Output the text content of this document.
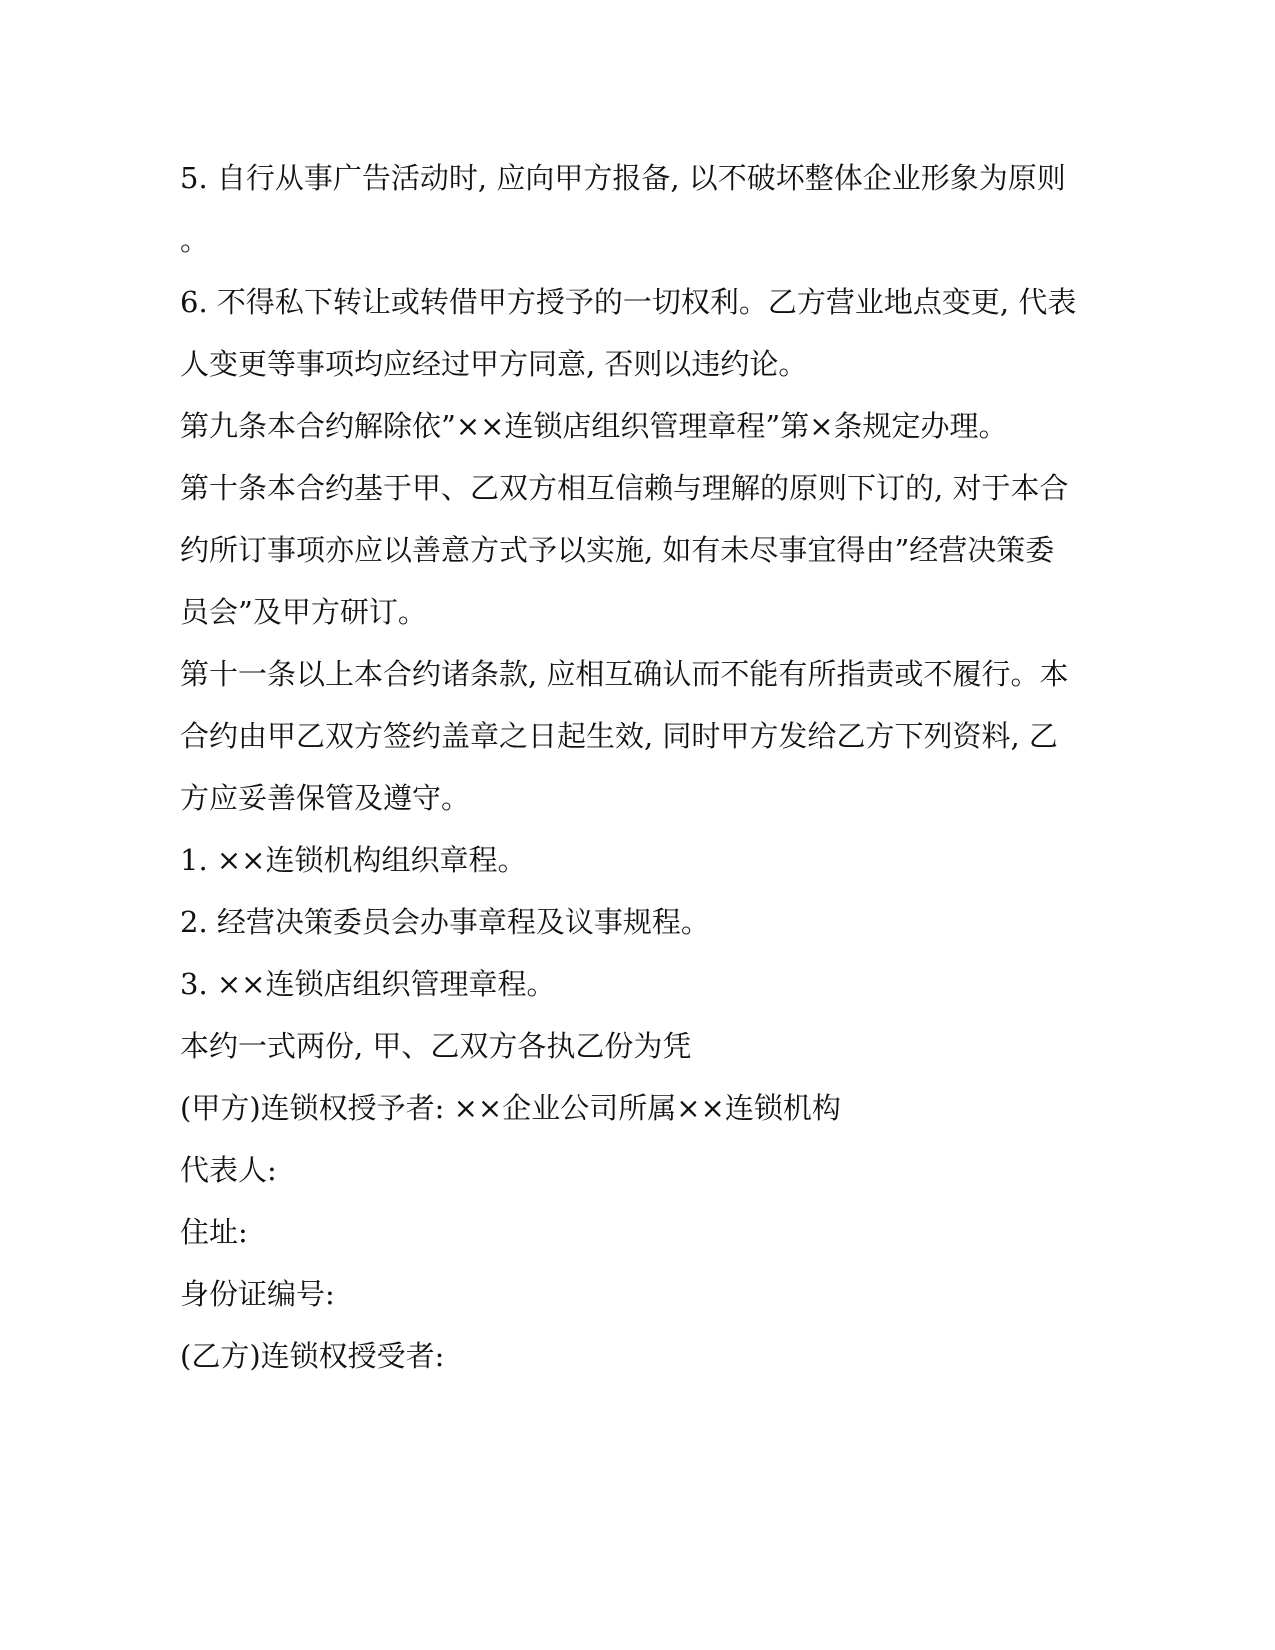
5. 自行从事广告活动时, 应向甲方报备, 以不破坏整体企业形象为原则
。
6. 不得私下转让或转借甲方授予的一切权利。乙方营业地点变更, 代表
人变更等事项均应经过甲方同意, 否则以违约论。
第九条本合约解除依”××连锁店组织管理章程”第×条规定办理。
第十条本合约基于甲、乙双方相互信赖与理解的原则下订的, 对于本合
约所订事项亦应以善意方式予以实施, 如有未尽事宜得由”经营决策委
员会”及甲方研订。
第十一条以上本合约诸条款, 应相互确认而不能有所指责或不履行。本
合约由甲乙双方签约盖章之日起生效, 同时甲方发给乙方下列资料, 乙
方应妥善保管及遵守。
1. ××连锁机构组织章程。
2. 经营决策委员会办事章程及议事规程。
3. ××连锁店组织管理章程。
本约一式两份, 甲、乙双方各执乙份为凭
(甲方)连锁权授予者: ××企业公司所属××连锁机构
代表人:
住址:
身份证编号:
(乙方)连锁权授受者:
